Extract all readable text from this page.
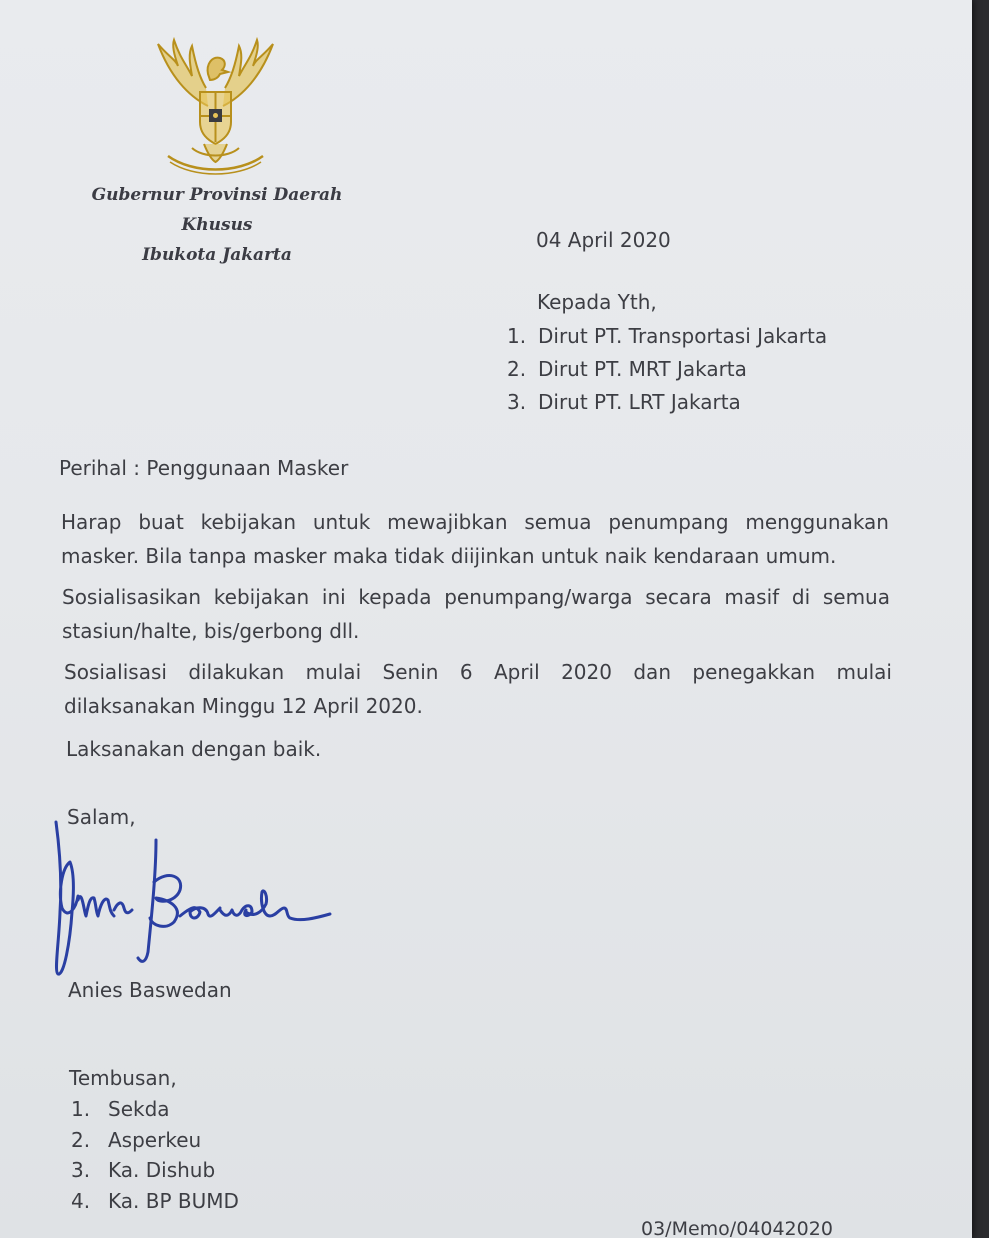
Gubernur Provinsi Daerah Khusus
Ibukota Jakarta
04 April 2020
Kepada Yth,
1. Dirut PT. Transportasi Jakarta
2. Dirut PT. MRT Jakarta
3. Dirut PT. LRT Jakarta
Perihal : Penggunaan Masker
Harap buat kebijakan untuk mewajibkan semua penumpang menggunakan masker. Bila tanpa masker maka tidak diijinkan untuk naik kendaraan umum.
Sosialisasikan kebijakan ini kepada penumpang/warga secara masif di semua stasiun/halte, bis/gerbong dll.
Sosialisasi dilakukan mulai Senin 6 April 2020 dan penegakkan mulai dilaksanakan Minggu 12 April 2020.
Laksanakan dengan baik.
Salam,
Anies Baswedan
Tembusan,
1. Sekda
2. Asperkeu
3. Ka. Dishub
4. Ka. BP BUMD
03/Memo/04042020
